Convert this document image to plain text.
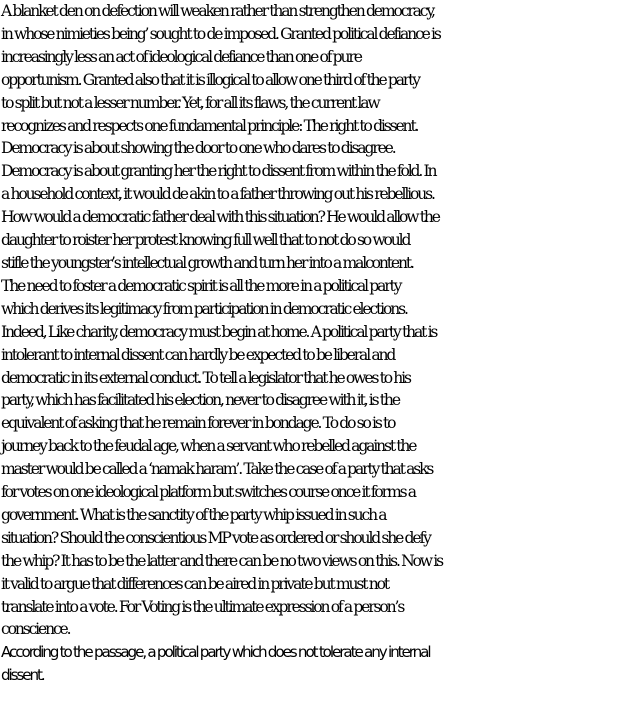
A blanket den on defection will weaken rather than strengthen democracy,
in whose nimieties being’ sought to de imposed. Granted political defiance is
increasingly less an act of ideological defiance than one of pure
opportunism. Granted also that it is illogical to allow one third of the party
to split but not a lesser number. Yet, for all its flaws, the current law
recognizes and respects one fundamental principle: The right to dissent.
Democracy is about showing the door to one who dares to disagree.
Democracy is about granting her the right to dissent from within the fold. In
a household context, it would de akin to a father throwing out his rebellious.
How would a democratic father deal with this situation? He would allow the
daughter to roister her protest knowing full well that to not do so would
stifle the youngster’s intellectual growth and turn her into a malcontent.
The need to foster a democratic spirit is all the more in a political party
which derives its legitimacy from participation in democratic elections.
Indeed, Like charity, democracy must begin at home. A political party that is
intolerant to internal dissent can hardly be expected to be liberal and
democratic in its external conduct. To tell a legislator that he owes to his
party, which has facilitated his election, never to disagree with it, is the
equivalent of asking that he remain forever in bondage. To do so is to
journey back to the feudal age, when a servant who rebelled against the
master would be called a ‘namak haram’. Take the case of a party that asks
for votes on one ideological platform but switches course once it forms a
government. What is the sanctity of the party whip issued in such a
situation? Should the conscientious MP vote as ordered or should she defy
the whip? It has to be the latter and there can be no two views on this. Now is
it valid to argue that differences can be aired in private but must not
translate into a vote. For Voting is the ultimate expression of a person’s
conscience.
According to the passage, a political party which does not tolerate any internal
dissent.
